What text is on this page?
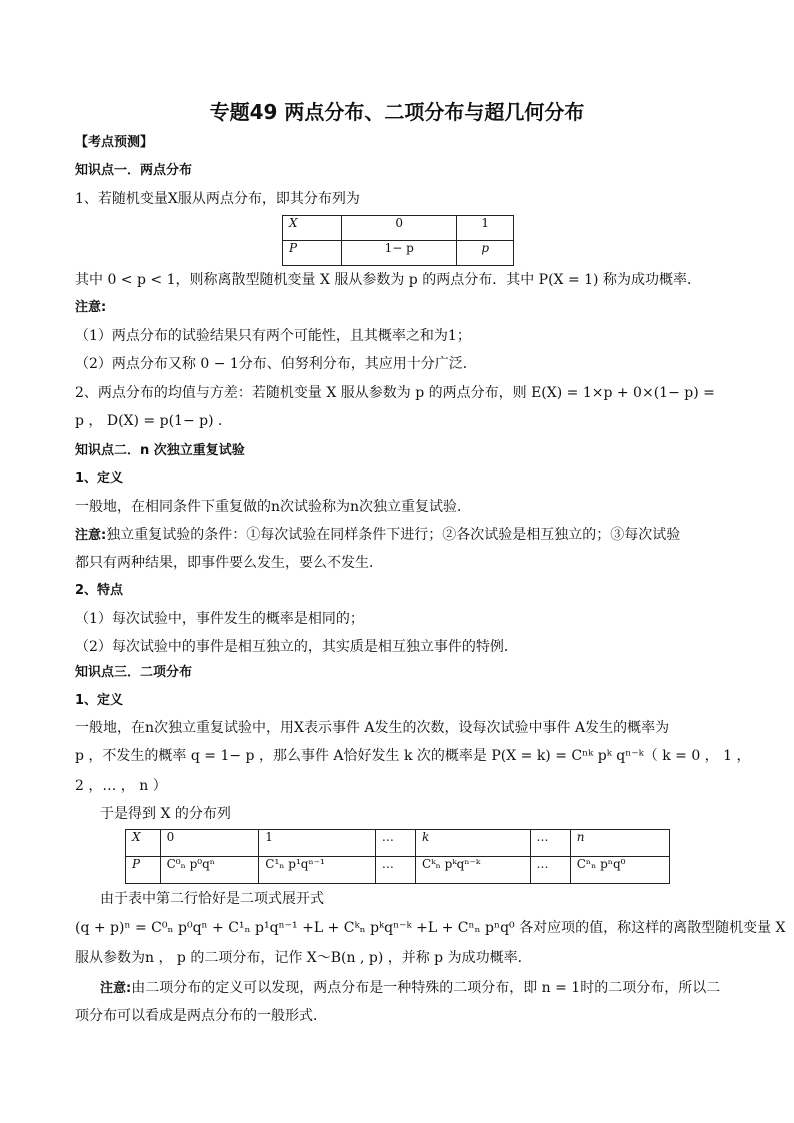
专题49 两点分布、二项分布与超几何分布
【考点预测】
知识点一．两点分布
1、若随机变量X服从两点分布，即其分布列为
X	0	1
P	1− p	p
其中 0 < p < 1，则称离散型随机变量 X 服从参数为 p 的两点分布．其中 P(X = 1) 称为成功概率．
注意:
（1）两点分布的试验结果只有两个可能性，且其概率之和为1；
（2）两点分布又称 0 − 1分布、伯努利分布，其应用十分广泛．
2、两点分布的均值与方差：若随机变量 X 服从参数为 p 的两点分布，则 E(X) = 1×p + 0×(1− p) =
p ， D(X) = p(1− p) ．
知识点二．n 次独立重复试验
1、定义
一般地，在相同条件下重复做的n次试验称为n次独立重复试验．
注意:独立重复试验的条件：①每次试验在同样条件下进行；②各次试验是相互独立的；③每次试验
都只有两种结果，即事件要么发生，要么不发生．
2、特点
（1）每次试验中，事件发生的概率是相同的；
（2）每次试验中的事件是相互独立的，其实质是相互独立事件的特例．
知识点三．二项分布
1、定义
一般地，在n次独立重复试验中，用X表示事件 A发生的次数，设每次试验中事件 A发生的概率为
p ，不发生的概率 q = 1− p ，那么事件 A恰好发生 k 次的概率是 P(X = k) = Cⁿᵏ pᵏ qⁿ⁻ᵏ（ k = 0 ， 1 ，
2 ，… ， n ）
于是得到 X 的分布列
X	0	1	…	k	…	n
P	C⁰ₙ p⁰qⁿ	C¹ₙ p¹qⁿ⁻¹	…	Cᵏₙ pᵏqⁿ⁻ᵏ	…	Cⁿₙ pⁿq⁰
由于表中第二行恰好是二项式展开式
(q + p)ⁿ = C⁰ₙ p⁰qⁿ + C¹ₙ p¹qⁿ⁻¹ +L + Cᵏₙ pᵏqⁿ⁻ᵏ +L + Cⁿₙ pⁿq⁰ 各对应项的值，称这样的离散型随机变量 X
服从参数为n ， p 的二项分布，记作 X～B(n , p) ，并称 p 为成功概率．
注意:由二项分布的定义可以发现，两点分布是一种特殊的二项分布，即 n = 1时的二项分布，所以二
项分布可以看成是两点分布的一般形式．
